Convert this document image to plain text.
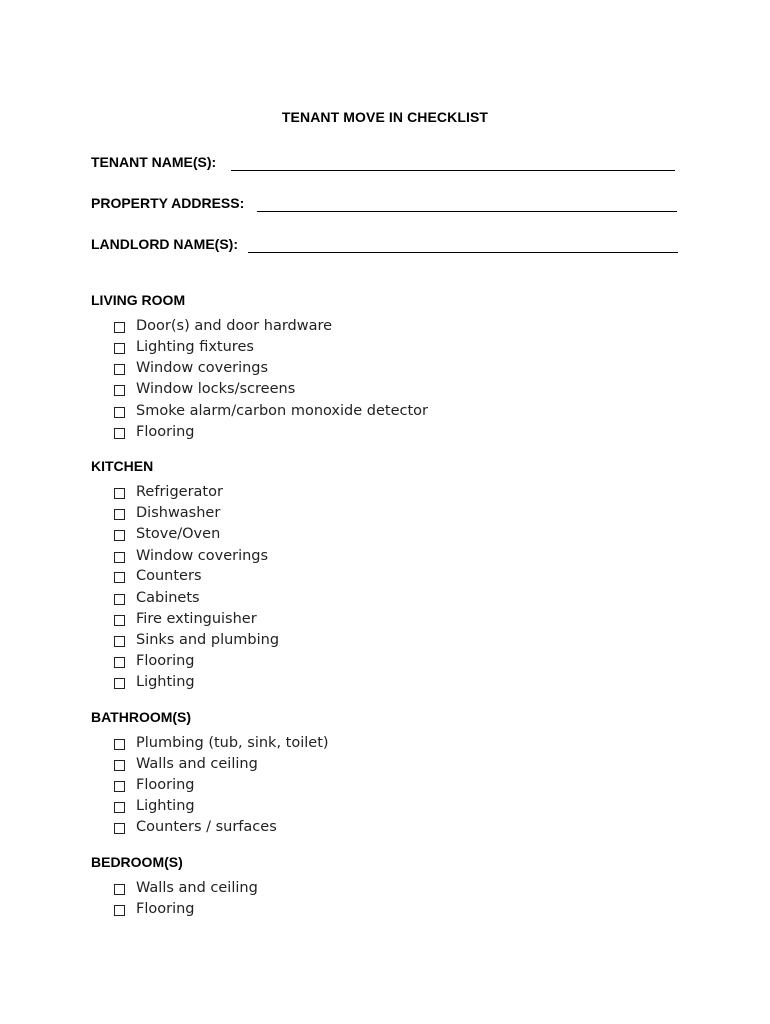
TENANT MOVE IN CHECKLIST
TENANT NAME(S):
PROPERTY ADDRESS:
LANDLORD NAME(S):
LIVING ROOM
Door(s) and door hardware
Lighting fixtures
Window coverings
Window locks/screens
Smoke alarm/carbon monoxide detector
Flooring
KITCHEN
Refrigerator
Dishwasher
Stove/Oven
Window coverings
Counters
Cabinets
Fire extinguisher
Sinks and plumbing
Flooring
Lighting
BATHROOM(S)
Plumbing (tub, sink, toilet)
Walls and ceiling
Flooring
Lighting
Counters / surfaces
BEDROOM(S)
Walls and ceiling
Flooring
